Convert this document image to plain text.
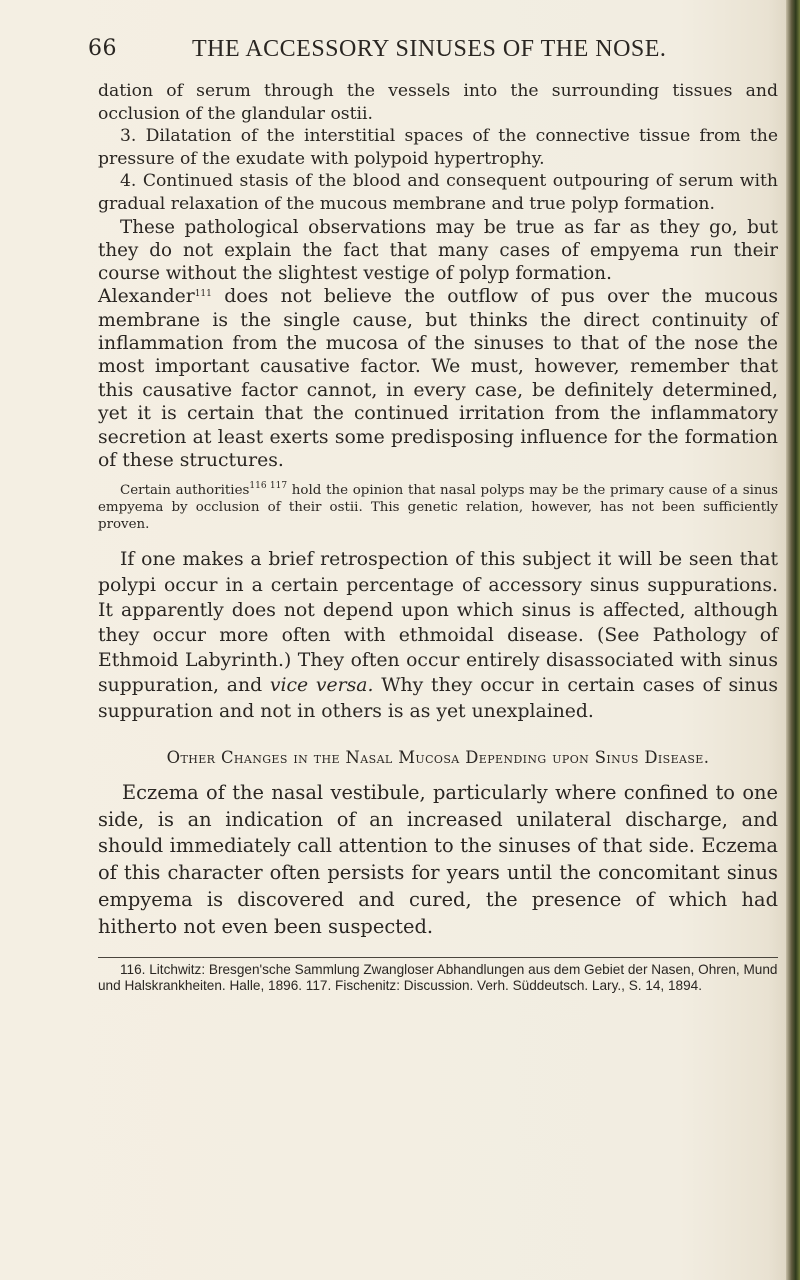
66	THE ACCESSORY SINUSES OF THE NOSE.

dation of serum through the vessels into the surrounding tissues and occlusion of the glandular ostii.

3. Dilatation of the interstitial spaces of the connective tissue from the pressure of the exudate with polypoid hypertrophy.

4. Continued stasis of the blood and consequent outpouring of serum with gradual relaxation of the mucous membrane and true polyp formation.

These pathological observations may be true as far as they go, but they do not explain the fact that many cases of empyema run their course without the slightest vestige of polyp formation.

Alexander$^{111}$ does not believe the outflow of pus over the mucous membrane is the single cause, but thinks the direct continuity of inflammation from the mucosa of the sinuses to that of the nose the most important causative factor. We must, however, remember that this causative factor cannot, in every case, be definitely determined, yet it is certain that the continued irritation from the inflammatory secretion at least exerts some predisposing influence for the formation of these structures.

Certain authorities$^{116 117}$ hold the opinion that nasal polyps may be the primary cause of a sinus empyema by occlusion of their ostii. This genetic relation, however, has not been sufficiently proven.

If one makes a brief retrospection of this subject it will be seen that polypi occur in a certain percentage of accessory sinus suppurations. It apparently does not depend upon which sinus is affected, although they occur more often with ethmoidal disease. (See Pathology of Ethmoid Labyrinth.) They often occur entirely disassociated with sinus suppuration, and vice versa. Why they occur in certain cases of sinus suppuration and not in others is as yet unexplained.

Other Changes in the Nasal Mucosa Depending upon Sinus Disease.

Eczema of the nasal vestibule, particularly where confined to one side, is an indication of an increased unilateral discharge, and should immediately call attention to the sinuses of that side. Eczema of this character often persists for years until the concomitant sinus empyema is discovered and cured, the presence of which had hitherto not even been suspected.

116. Litchwitz: Bresgen'sche Sammlung Zwangloser Abhandlungen aus dem Gebiet der Nasen, Ohren, Mund und Halskrankheiten. Halle, 1896. 117. Fischenitz: Discussion. Verh. Süddeutsch. Lary., S. 14, 1894.
